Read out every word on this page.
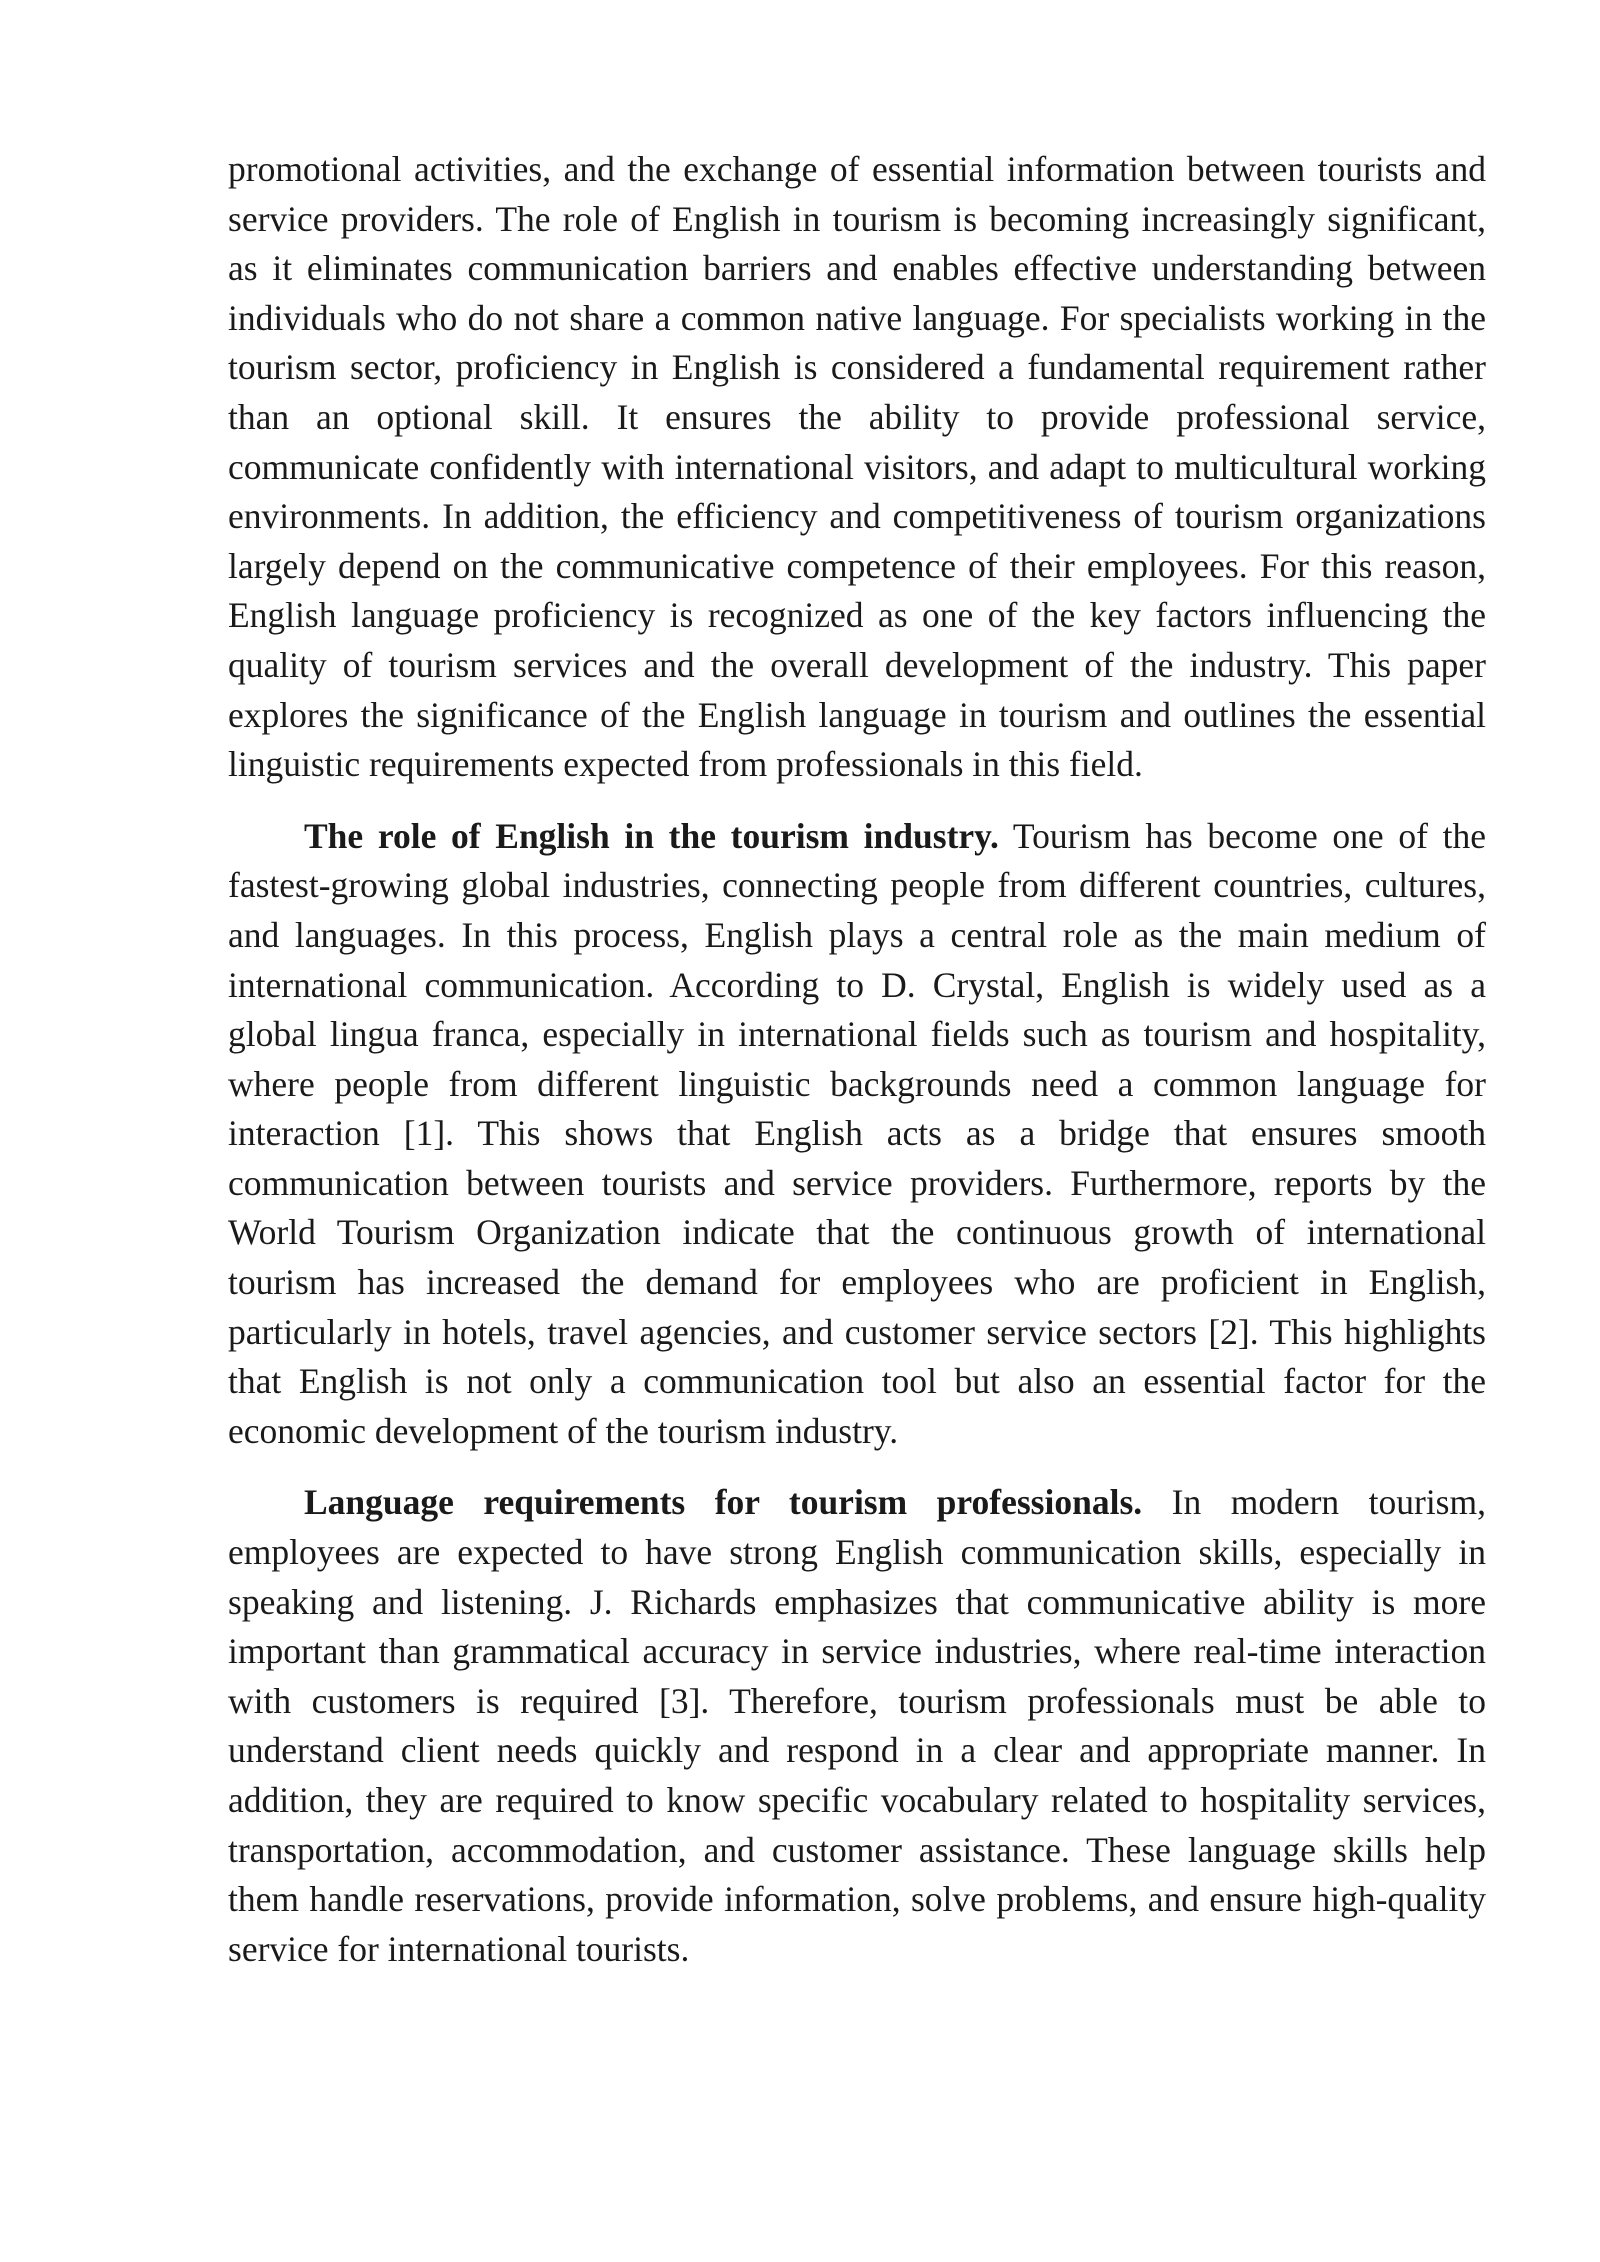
promotional activities, and the exchange of essential information between tourists and service providers. The role of English in tourism is becoming increasingly significant, as it eliminates communication barriers and enables effective understanding between individuals who do not share a common native language. For specialists working in the tourism sector, proficiency in English is considered a fundamental requirement rather than an optional skill. It ensures the ability to provide professional service, communicate confidently with international visitors, and adapt to multicultural working environments. In addition, the efficiency and competitiveness of tourism organizations largely depend on the communicative competence of their employees. For this reason, English language proficiency is recognized as one of the key factors influencing the quality of tourism services and the overall development of the industry. This paper explores the significance of the English language in tourism and outlines the essential linguistic requirements expected from professionals in this field.

The role of English in the tourism industry. Tourism has become one of the fastest-growing global industries, connecting people from different countries, cultures, and languages. In this process, English plays a central role as the main medium of international communication. According to D. Crystal, English is widely used as a global lingua franca, especially in international fields such as tourism and hospitality, where people from different linguistic backgrounds need a common language for interaction [1]. This shows that English acts as a bridge that ensures smooth communication between tourists and service providers. Furthermore, reports by the World Tourism Organization indicate that the continuous growth of international tourism has increased the demand for employees who are proficient in English, particularly in hotels, travel agencies, and customer service sectors [2]. This highlights that English is not only a communication tool but also an essential factor for the economic development of the tourism industry.

Language requirements for tourism professionals. In modern tourism, employees are expected to have strong English communication skills, especially in speaking and listening. J. Richards emphasizes that communicative ability is more important than grammatical accuracy in service industries, where real-time interaction with customers is required [3]. Therefore, tourism professionals must be able to understand client needs quickly and respond in a clear and appropriate manner. In addition, they are required to know specific vocabulary related to hospitality services, transportation, accommodation, and customer assistance. These language skills help them handle reservations, provide information, solve problems, and ensure high-quality service for international tourists.
